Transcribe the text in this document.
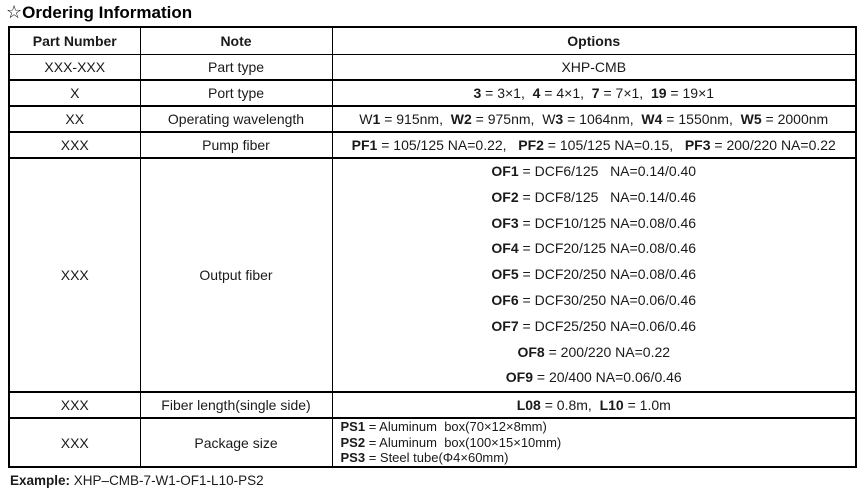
☆Ordering Information
Part Number	Note	Options
XXX-XXX	Part type	XHP-CMB

X	Port type	3 = 3×1,  4 = 4×1,  7 = 7×1,  19 = 19×1

XX	Operating wavelength	W1 = 915nm,  W2 = 975nm,  W3 = 1064nm,  W4 = 1550nm,  W5 = 2000nm

XXX	Pump fiber	PF1 = 105/125 NA=0.22,   PF2 = 105/125 NA=0.15,   PF3 = 200/220 NA=0.22

XXX	Output fiber	
OF1 = DCF6/125   NA=0.14/0.40
OF2 = DCF8/125   NA=0.14/0.46
OF3 = DCF10/125 NA=0.08/0.46
OF4 = DCF20/125 NA=0.08/0.46
OF5 = DCF20/250 NA=0.08/0.46
OF6 = DCF30/250 NA=0.06/0.46
OF7 = DCF25/250 NA=0.06/0.46
OF8 = 200/220 NA=0.22
OF9 = 20/400 NA=0.06/0.46

XXX	Fiber length(single side)	L08 = 0.8m,  L10 = 1.0m

XXX	Package size	PS1 = Aluminum  box(70×12×8mm)
PS2 = Aluminum  box(100×15×10mm)
PS3 = Steel tube(Φ4×60mm)
Example: XHP–CMB-7-W1-OF1-L10-PS2
